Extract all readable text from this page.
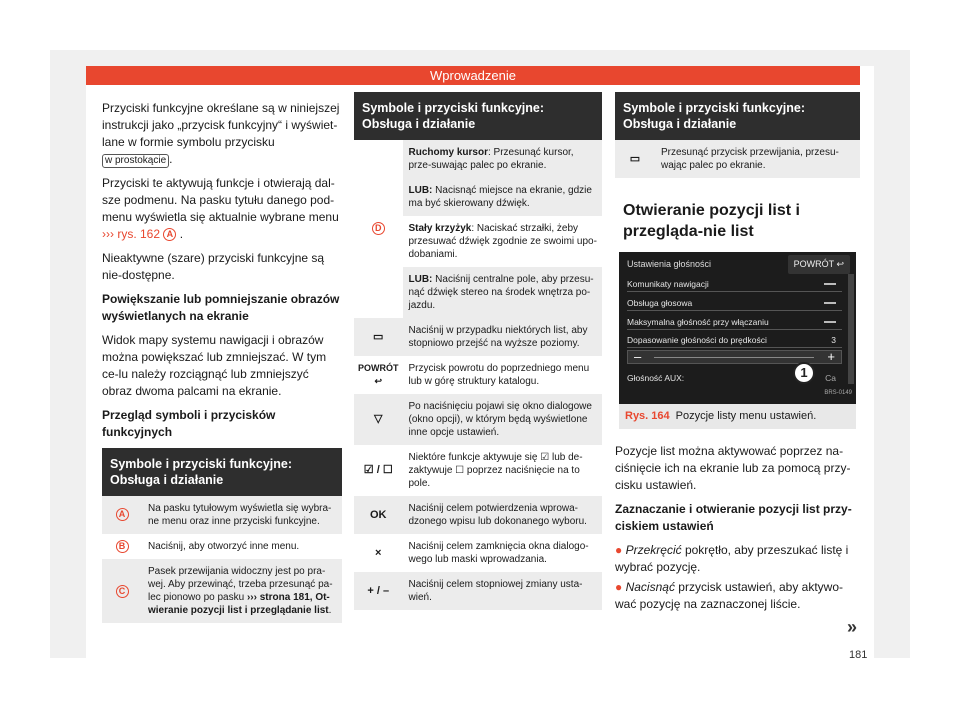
Wprowadzenie

Przyciski funkcyjne określane są w niniejszej instrukcji jako „przycisk funkcyjny“ i wyświet-lane w formie symbolu przycisku w prostokącie .

Przyciski te aktywują funkcje i otwierają dal-sze podmenu. Na pasku tytułu danego pod-menu wyświetla się aktualnie wybrane menu ››› rys. 162 A .

Nieaktywne (szare) przyciski funkcyjne są nie-dostępne.

Powiększanie lub pomniejszanie obrazów wyświetlanych na ekranie

Widok mapy systemu nawigacji i obrazów można powiększać lub zmniejszać. W tym ce-lu należy rozciągnąć lub zmniejszyć obraz dwoma palcami na ekranie.

Przegląd symboli i przycisków funkcyjnych

Symbole i przyciski funkcyjne: Obsługa i działanie
A	Na pasku tytułowym wyświetla się wybra-ne menu oraz inne przyciski funkcyjne.
B	Naciśnij, aby otworzyć inne menu.
C	Pasek przewijania widoczny jest po pra-wej. Aby przewinąć, trzeba przesunąć pa-lec pionowo po pasku ››› strona 181, Ot-wieranie pozycji list i przeglądanie list.
Symbole i przyciski funkcyjne: Obsługa i działanie
D	Ruchomy kursor: Przesunąć kursor, prze-suwając palec po ekranie.
	LUB: Nacisnąć miejsce na ekranie, gdzie ma być skierowany dźwięk.
	Stały krzyżyk: Naciskać strzałki, żeby przesuwać dźwięk zgodnie ze swoimi upo-dobaniami.
	LUB: Naciśnij centralne pole, aby przesu-nąć dźwięk stereo na środek wnętrza po-jazdu.
▭	Naciśnij w przypadku niektórych list, aby stopniowo przejść na wyższe poziomy.
POWRÓT ↩	Przycisk powrotu do poprzedniego menu lub w górę struktury katalogu.
▽	Po naciśnięciu pojawi się okno dialogowe (okno opcji), w którym będą wyświetlone inne opcje ustawień.
☑ / ☐	Niektóre funkcje aktywuje się ☑ lub de-zaktywuje ☐ poprzez naciśnięcie na to pole.
OK	Naciśnij celem potwierdzenia wprowa-dzonego wpisu lub dokonanego wyboru.
×	Naciśnij celem zamknięcia okna dialogo-wego lub maski wprowadzania.
+ / –	Naciśnij celem stopniowej zmiany usta-wień.
Symbole i przyciski funkcyjne: Obsługa i działanie
▭	Przesunąć przycisk przewijania, przesu-wając palec po ekranie.
Otwieranie pozycji list i przegląda-nie list
Ustawienia głośności	POWRÓT ↩
Komunikaty nawigacji
Obsługa głosowa
Maksymalna głośność przy włączaniu
Dopasowanie głośności do prędkości	3
–	+
Głośność AUX:	Ca
1
BRS-0149
Rys. 164 Pozycje listy menu ustawień.

Pozycje list można aktywować poprzez na-ciśnięcie ich na ekranie lub za pomocą przy-cisku ustawień.

Zaznaczanie i otwieranie pozycji list przy-ciskiem ustawień

● Przekręcić pokrętło, aby przeszukać listę i wybrać pozycję.

● Nacisnąć przycisk ustawień, aby aktywo-wać pozycję na zaznaczonej liście.

»
181
